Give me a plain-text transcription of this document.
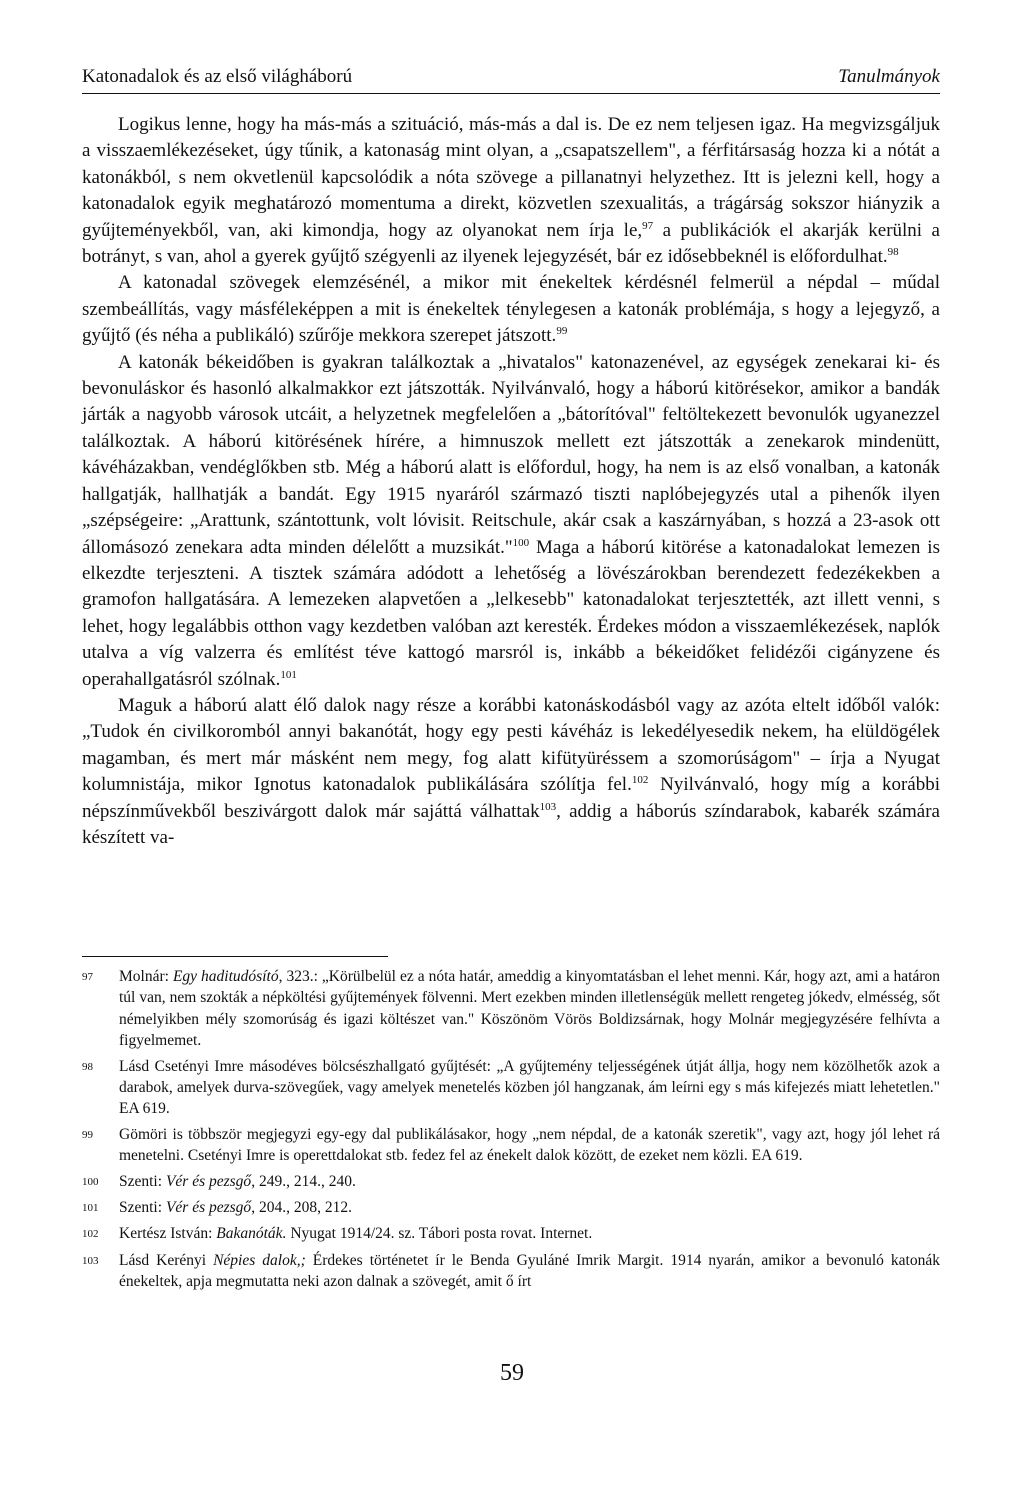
Katonadalok és az első világháború	Tanulmányok

Logikus lenne, hogy ha más-más a szituáció, más-más a dal is. De ez nem teljesen igaz. Ha megvizsgáljuk a visszaemlékezéseket, úgy tűnik, a katonaság mint olyan, a „csapatszellem", a férfitársaság hozza ki a nótát a katonákból, s nem okvetlenül kapcsolódik a nóta szövege a pillanatnyi helyzethez. Itt is jelezni kell, hogy a katonadalok egyik meghatározó momentuma a direkt, közvetlen szexualitás, a trágárság sokszor hiányzik a gyűjteményekből, van, aki kimondja, hogy az olyanokat nem írja le,$^{97}$ a publikációk el akarják kerülni a botrányt, s van, ahol a gyerek gyűjtő szégyenli az ilyenek lejegyzését, bár ez idősebbeknél is előfordulhat.$^{98}$

A katonadal szövegek elemzésénél, a mikor mit énekeltek kérdésnél felmerül a népdal – műdal szembeállítás, vagy másféleképpen a mit is énekeltek ténylegesen a katonák problémája, s hogy a lejegyző, a gyűjtő (és néha a publikáló) szűrője mekkora szerepet játszott.$^{99}$

A katonák békeidőben is gyakran találkoztak a „hivatalos" katonazenével, az egységek zenekarai ki- és bevonuláskor és hasonló alkalmakkor ezt játszották. Nyilvánvaló, hogy a háború kitörésekor, amikor a bandák járták a nagyobb városok utcáit, a helyzetnek megfelelően a „bátorítóval" feltöltekezett bevonulók ugyanezzel találkoztak. A háború kitörésének hírére, a himnuszok mellett ezt játszották a zenekarok mindenütt, kávéházakban, vendéglőkben stb. Még a háború alatt is előfordul, hogy, ha nem is az első vonalban, a katonák hallgatják, hallhatják a bandát. Egy 1915 nyaráról származó tiszti naplóbejegyzés utal a pihenők ilyen „szépségeire: „Arattunk, szántottunk, volt lóvisit. Reitschule, akár csak a kaszárnyában, s hozzá a 23-asok ott állomásozó zenekara adta minden délelőtt a muzsikát."$^{100}$ Maga a háború kitörése a katonadalokat lemezen is elkezdte terjeszteni. A tisztek számára adódott a lehetőség a lövészárokban berendezett fedezékekben a gramofon hallgatására. A lemezeken alapvetően a „lelkesebb" katonadalokat terjesztették, azt illett venni, s lehet, hogy legalábbis otthon vagy kezdetben valóban azt keresték. Érdekes módon a visszaemlékezések, naplók utalva a víg valzerra és említést téve kattogó marsról is, inkább a békeidőket felidézői cigányzene és operahallgatásról szólnak.$^{101}$

Maguk a háború alatt élő dalok nagy része a korábbi katonáskodásból vagy az azóta eltelt időből valók: „Tudok én civilkoromból annyi bakanótát, hogy egy pesti kávéház is lekedélyesedik nekem, ha elüldögélek magamban, és mert már másként nem megy, fog alatt kifütyüréssem a szomorúságom" – írja a Nyugat kolumnistája, mikor Ignotus katonadalok publikálására szólítja fel.$^{102}$ Nyilvánvaló, hogy míg a korábbi népszínművekből beszivárgott dalok már sajáttá válhattak$^{103}$, addig a háborús színdarabok, kabarék számára készített va-

97	Molnár: Egy haditudósító, 323.: „Körülbelül ez a nóta határ, ameddig a kinyomtatásban el lehet menni. Kár, hogy azt, ami a határon túl van, nem szokták a népköltési gyűjtemények fölvenni. Mert ezekben minden illetlenségük mellett rengeteg jókedv, elmésség, sőt némelyikben mély szomorúság és igazi költészet van." Köszönöm Vörös Boldizsárnak, hogy Molnár megjegyzésére felhívta a figyelmemet.
98	Lásd Csetényi Imre másodéves bölcsészhallgató gyűjtését: „A gyűjtemény teljességének útját állja, hogy nem közölhetők azok a darabok, amelyek durva-szövegűek, vagy amelyek menetelés közben jól hangzanak, ám leírni egy s más kifejezés miatt lehetetlen." EA 619.
99	Gömöri is többször megjegyzi egy-egy dal publikálásakor, hogy „nem népdal, de a katonák szeretik", vagy azt, hogy jól lehet rá menetelni. Csetényi Imre is operettdalokat stb. fedez fel az énekelt dalok között, de ezeket nem közli. EA 619.
100	Szenti: Vér és pezsgő, 249., 214., 240.
101	Szenti: Vér és pezsgő, 204., 208, 212.
102	Kertész István: Bakanóták. Nyugat 1914/24. sz. Tábori posta rovat. Internet.
103	Lásd Kerényi Népies dalok,; Érdekes történetet ír le Benda Gyuláné Imrik Margit. 1914 nyarán, amikor a bevonuló katonák énekeltek, apja megmutatta neki azon dalnak a szövegét, amit ő írt
59
